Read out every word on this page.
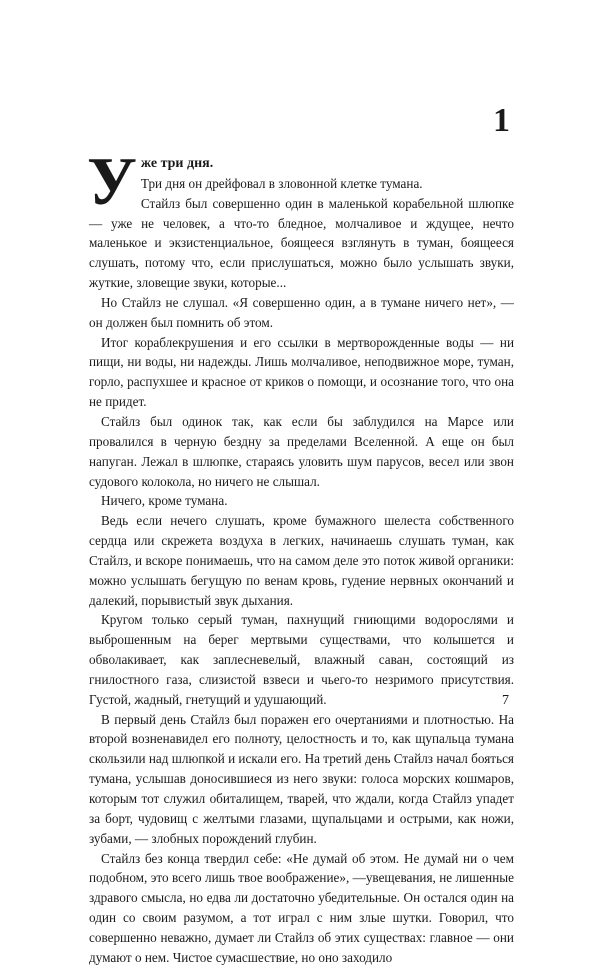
1
У же три дня.

Три дня он дрейфовал в зловонной клетке тумана.

Стайлз был совершенно один в маленькой корабельной шлюпке — уже не человек, а что-то бледное, молчаливое и ждущее, нечто маленькое и экзистенциальное, боящееся взглянуть в туман, боящееся слушать, потому что, если прислушаться, можно было услышать звуки, жуткие, зловещие звуки, которые...

Но Стайлз не слушал. «Я совершенно один, а в тумане ничего нет», — он должен был помнить об этом.

Итог кораблекрушения и его ссылки в мертворожденные воды — ни пищи, ни воды, ни надежды. Лишь молчаливое, неподвижное море, туман, горло, распухшее и красное от криков о помощи, и осознание того, что она не придет.

Стайлз был одинок так, как если бы заблудился на Марсе или провалился в черную бездну за пределами Вселенной. А еще он был напуган. Лежал в шлюпке, стараясь уловить шум парусов, весел или звон судового колокола, но ничего не слышал.

Ничего, кроме тумана.

Ведь если нечего слушать, кроме бумажного шелеста собственного сердца или скрежета воздуха в легких, начинаешь слушать туман, как Стайлз, и вскоре понимаешь, что на самом деле это поток живой органики: можно услышать бегущую по венам кровь, гудение нервных окончаний и далекий, порывистый звук дыхания.

Кругом только серый туман, пахнущий гниющими водорослями и выброшенным на берег мертвыми существами, что колышется и обволакивает, как заплесневелый, влажный саван, состоящий из гнилостного газа, слизистой взвеси и чьего-то незримого присутствия. Густой, жадный, гнетущий и удушающий.

В первый день Стайлз был поражен его очертаниями и плотностью. На второй возненавидел его полноту, целостность и то, как щупальца тумана скользили над шлюпкой и искали его. На третий день Стайлз начал бояться тумана, услышав доносившиеся из него звуки: голоса морских кошмаров, которым тот служил обиталищем, тварей, что ждали, когда Стайлз упадет за борт, чудовищ с желтыми глазами, щупальцами и острыми, как ножи, зубами, — злобных порождений глубин.

Стайлз без конца твердил себе: «Не думай об этом. Не думай ни о чем подобном, это всего лишь твое воображение», —увещевания, не лишенные здравого смысла, но едва ли достаточно убедительные. Он остался один на один со своим разумом, а тот играл с ним злые шутки. Говорил, что совершенно неважно, думает ли Стайлз об этих существах: главное — они думают о нем. Чистое сумасшествие, но оно заходило

7
